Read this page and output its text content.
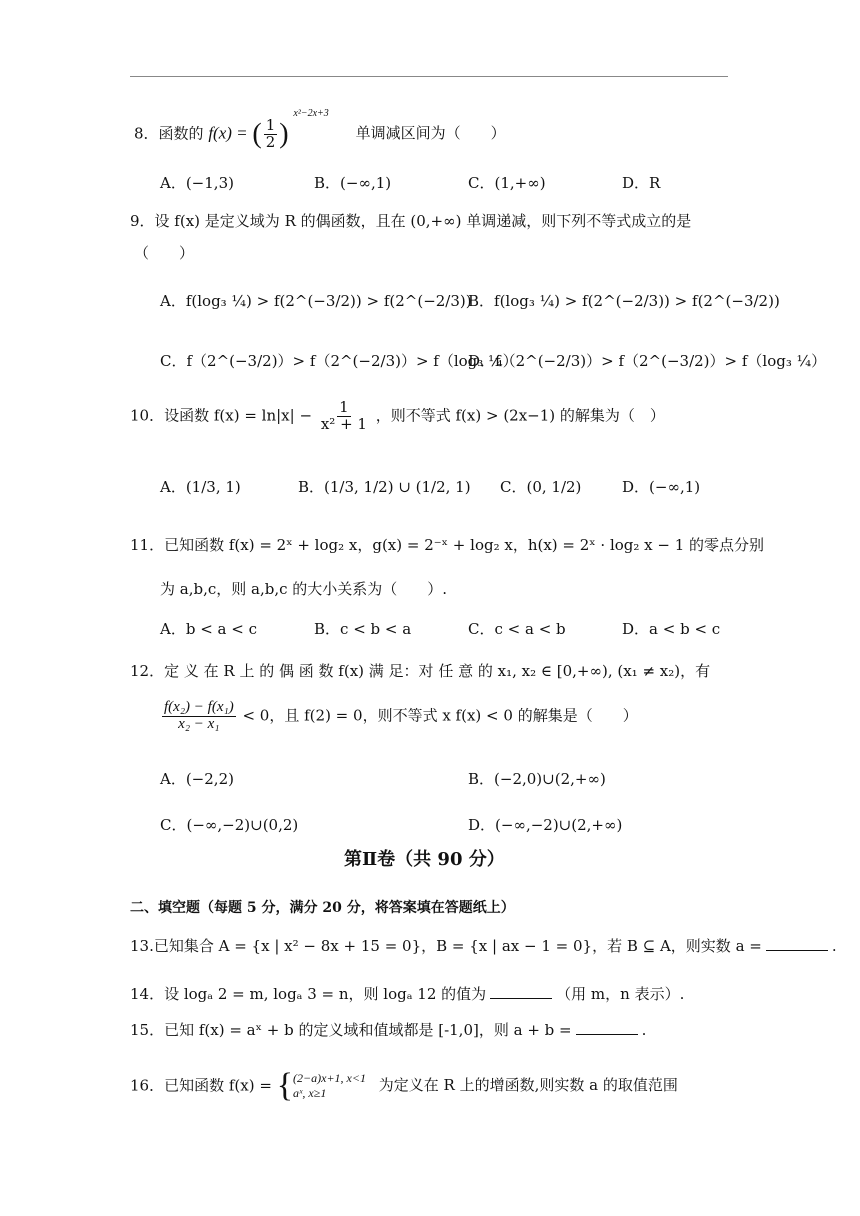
8．函数的 f(x) = ( $\frac{1}{2}$ ) $^{x^2-2x+3}$ 单调减区间为（　　）
A．(−1,3)	B．(−∞,1)	C．(1,+∞)	D．R
9．设 f(x) 是定义域为 R 的偶函数，且在 (0,+∞) 单调递减，则下列不等式成立的是
（　　）
A．f(log₃ ¼) > f(2^(−3/2)) > f(2^(−2/3))
B．f(log₃ ¼) > f(2^(−2/3)) > f(2^(−3/2))
C．f（2^(−3/2)）> f（2^(−2/3)）> f（log₃ ¼）
D．f（2^(−2/3)）> f（2^(−3/2)）> f（log₃ ¼）
10．设函数 $f(x) = \ln|x| - \frac{1}{\text{x² + 1}}$ ，则不等式 f(x) > (2x−1) 的解集为（　）
A．(1/3, 1)	B．(1/3, 1/2) ∪ (1/2, 1) C．(0, 1/2)	D．(−∞,1)
11．已知函数 f(x) = 2ˣ + log₂ x，g(x) = 2⁻ˣ + log₂ x，h(x) = 2ˣ · log₂ x − 1 的零点分别
为 a,b,c，则 a,b,c 的大小关系为（　　）.
A．b < a < c	B．c < b < a	C．c < a < b	D．a < b < c
12．定 义 在 R 上 的 偶 函 数 f(x) 满 足：对 任 意 的 x₁, x₂ ∈ [0,+∞), (x₁ ≠ x₂)，有
$\frac{\text{f(x₂) − f(x₁)}}{\text{x₂ − x₁}} < 0$，且 f(2) = 0，则不等式 x f(x) < 0 的解集是（　　）
A．(−2,2)	B．(−2,0)∪(2,+∞)
C．(−∞,−2)∪(0,2)	D．(−∞,−2)∪(2,+∞)
第Ⅱ卷（共 90 分）
二、填空题（每题 5 分，满分 20 分，将答案填在答题纸上）
13.已知集合 A = {x | x² − 8x + 15 = 0}，B = {x | ax − 1 = 0}，若 B ⊆ A，则实数 a =	.
14．设 logₐ 2 = m, logₐ 3 = n，则 logₐ 12 的值为	（用 m，n 表示）.
15．已知 f(x) = aˣ + b 的定义域和值域都是 [-1,0]，则 a + b =	.
16．已知函数 f(x) = { (2−a)x+1, x<1
aˣ, x≥1	为定义在 R 上的增函数,则实数 a 的取值范围
